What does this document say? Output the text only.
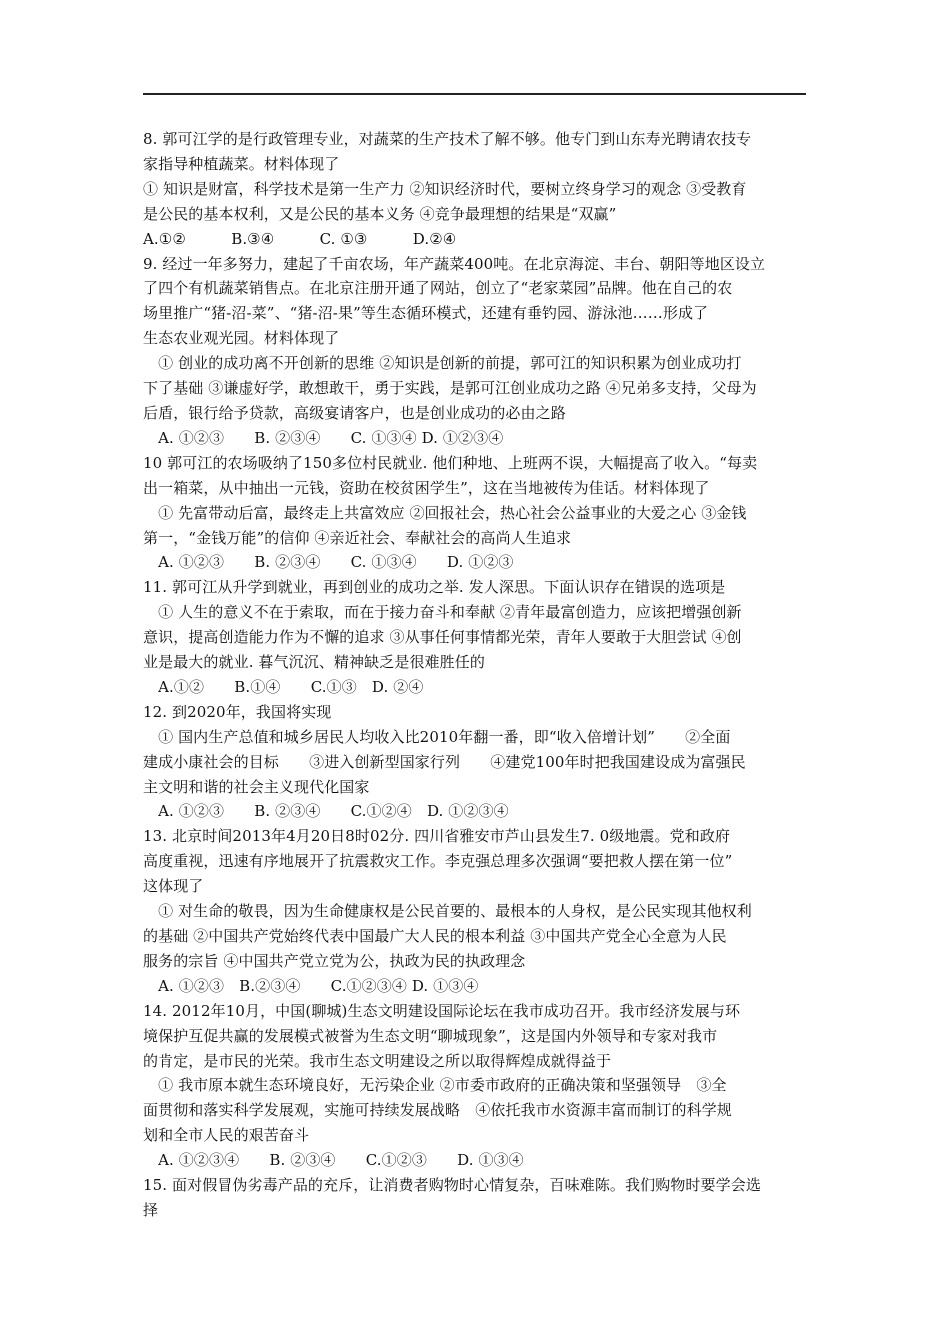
8. 郭可江学的是行政管理专业，对蔬菜的生产技术了解不够。他专门到山东寿光聘请农技专
家指导种植蔬菜。材料体现了
① 知识是财富，科学技术是第一生产力 ②知识经济时代，要树立终身学习的观念 ③受教育
是公民的基本权利，又是公民的基本义务 ④竞争最理想的结果是“双赢”
A.①②　　　B.③④　　　C. ①③　　　D.②④
9. 经过一年多努力，建起了千亩农场，年产蔬菜400吨。在北京海淀、丰台、朝阳等地区设立
了四个有机蔬菜销售点。在北京注册开通了网站，创立了“老家菜园”品牌。他在自己的农
场里推广“猪-沼-菜”、“猪-沼-果”等生态循环模式，还建有垂钓园、游泳池……形成了
生态农业观光园。材料体现了
　① 创业的成功离不开创新的思维 ②知识是创新的前提，郭可江的知识积累为创业成功打
下了基础 ③谦虚好学，敢想敢干，勇于实践，是郭可江创业成功之路 ④兄弟多支持，父母为
后盾，银行给予贷款，高级宴请客户，也是创业成功的必由之路
　A. ①②③　　B. ②③④　　C. ①③④ D. ①②③④
10 郭可江的农场吸纳了150多位村民就业. 他们种地、上班两不误，大幅提高了收入。“每卖
出一箱菜，从中抽出一元钱，资助在校贫困学生”，这在当地被传为佳话。材料体现了
　① 先富带动后富，最终走上共富效应 ②回报社会，热心社会公益事业的大爱之心 ③金钱
第一，“金钱万能”的信仰 ④亲近社会、奉献社会的高尚人生追求
　A. ①②③　　B. ②③④　　C. ①③④　　D. ①②③
11. 郭可江从升学到就业，再到创业的成功之举. 发人深思。下面认识存在错误的选项是
　① 人生的意义不在于索取，而在于接力奋斗和奉献 ②青年最富创造力，应该把增强创新
意识，提高创造能力作为不懈的追求 ③从事任何事情都光荣，青年人要敢于大胆尝试 ④创
业是最大的就业. 暮气沉沉、精神缺乏是很难胜任的
　A.①②　　B.①④　　C.①③　D. ②④
12. 到2020年，我国将实现
　① 国内生产总值和城乡居民人均收入比2010年翻一番，即“收入倍增计划”　　②全面
建成小康社会的目标　　③进入创新型国家行列　　④建党100年时把我国建设成为富强民
主文明和谐的社会主义现代化国家
　A. ①②③　　B. ②③④　　C.①②④　D. ①②③④
13. 北京时间2013年4月20日8时02分. 四川省雅安市芦山县发生7. 0级地震。党和政府
高度重视，迅速有序地展开了抗震救灾工作。李克强总理多次强调“要把救人摆在第一位”
这体现了
　① 对生命的敬畏，因为生命健康权是公民首要的、最根本的人身权，是公民实现其他权利
的基础 ②中国共产党始终代表中国最广大人民的根本利益 ③中国共产党全心全意为人民
服务的宗旨 ④中国共产党立党为公，执政为民的执政理念
　A. ①②③　B.②③④　　C.①②③④ D. ①③④
14. 2012年10月，中国(聊城)生态文明建设国际论坛在我市成功召开。我市经济发展与环
境保护互促共赢的发展模式被誉为生态文明“聊城现象”，这是国内外领导和专家对我市
的肯定，是市民的光荣。我市生态文明建设之所以取得辉煌成就得益于
　① 我市原本就生态环境良好，无污染企业 ②市委市政府的正确决策和坚强领导　③全
面贯彻和落实科学发展观，实施可持续发展战略　④依托我市水资源丰富而制订的科学规
划和全市人民的艰苦奋斗
　A. ①②③④　　B. ②③④　　C.①②③　　D. ①③④
15. 面对假冒伪劣毒产品的充斥，让消费者购物时心情复杂，百味难陈。我们购物时要学会选
择
